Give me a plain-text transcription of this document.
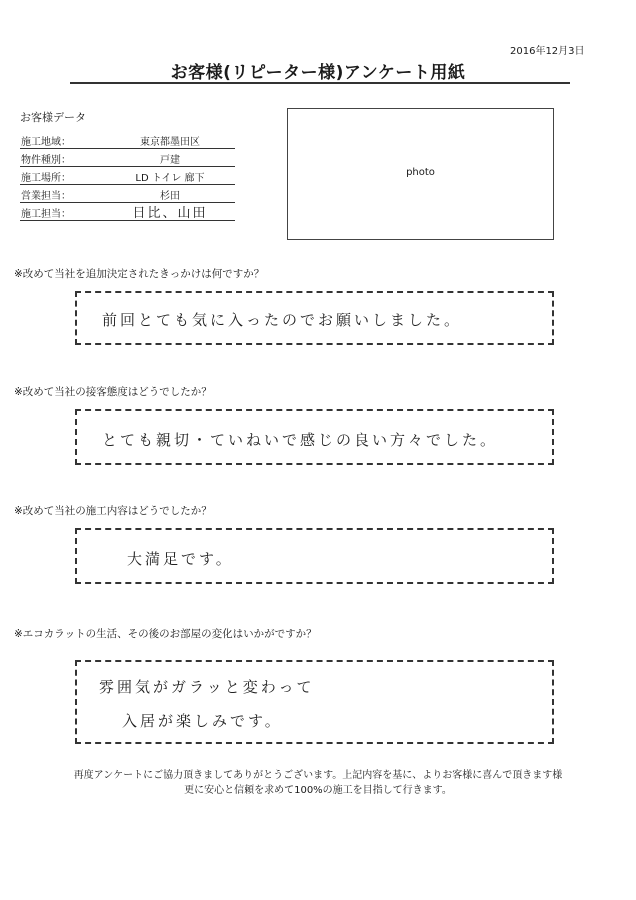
2016年12月3日
お客様(リピーター様)アンケート用紙
お客様データ
施工地域：	東京都墨田区
物件種別：	戸建
施工場所：	LD トイレ 廊下
営業担当：	杉田
施工担当：	日比、山田
photo
※改めて当社を追加決定されたきっかけは何ですか？
前回とても気に入ったのでお願いしました。
※改めて当社の接客態度はどうでしたか？
とても親切・ていねいで感じの良い方々でした。
※改めて当社の施工内容はどうでしたか？
大満足です。
※エコカラットの生活、その後のお部屋の変化はいかがですか？
雰囲気がガラッと変わって
入居が楽しみです。
再度アンケートにご協力頂きましてありがとうございます。上記内容を基に、よりお客様に喜んで頂きます様
更に安心と信頼を求めて100%の施工を目指して行きます。
